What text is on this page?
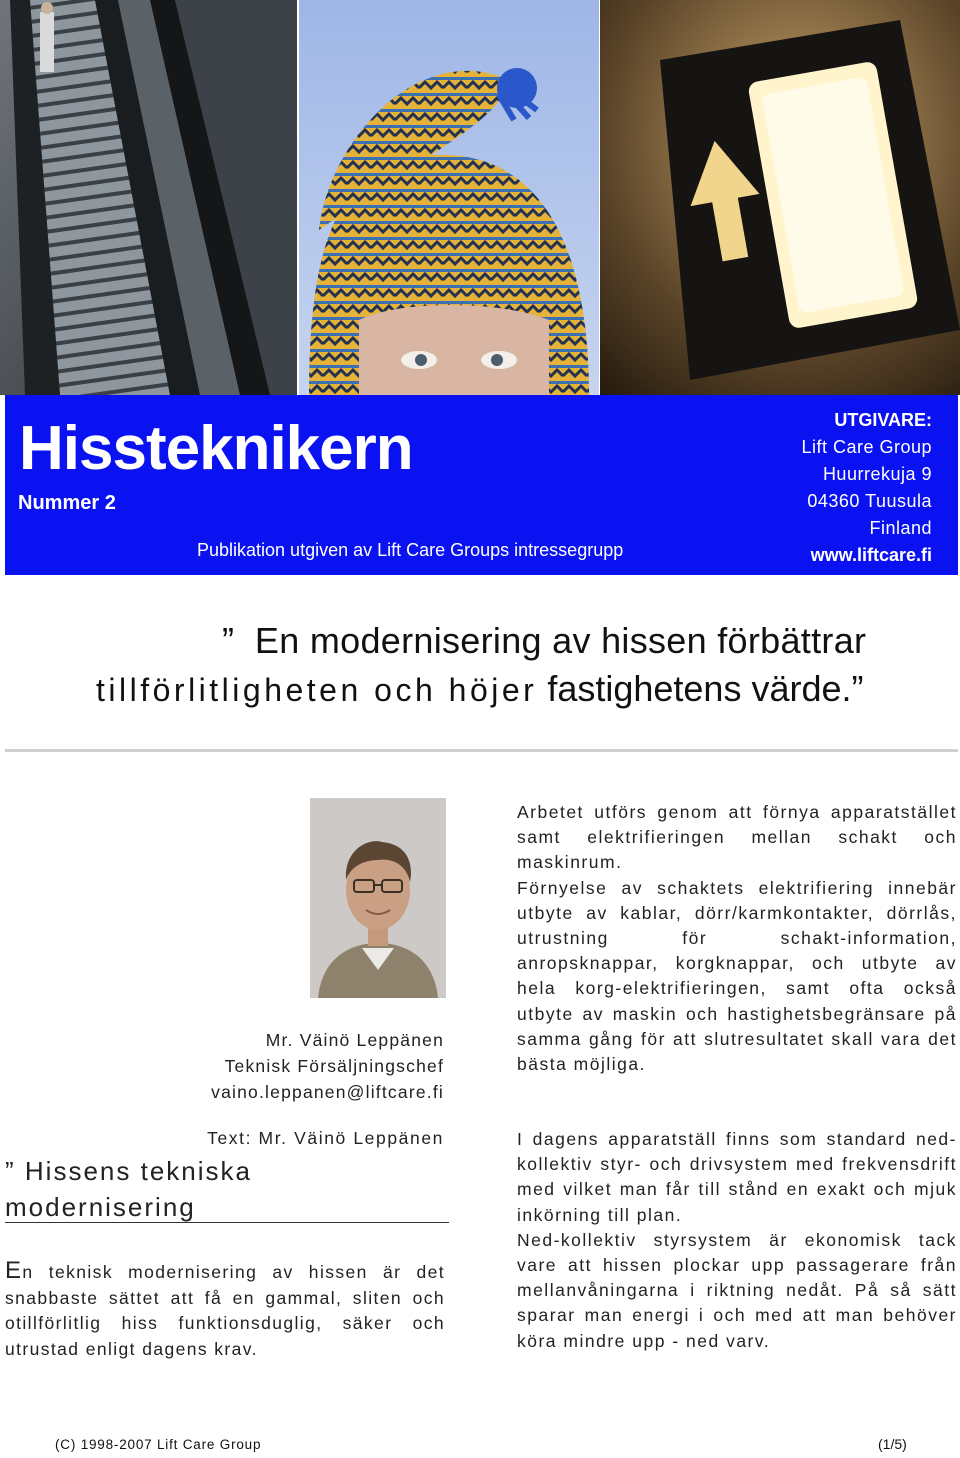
Hissteknikern
Nummer 2
Publikation utgiven av Lift Care Groups intressegrupp
UTGIVARE:
Lift Care Group
Huurrekuja 9
04360 Tuusula
Finland
www.liftcare.fi
” En modernisering av hissen förbättrar
tillförlitligheten och höjer fastighetens värde.”
Mr. Väinö Leppänen
Teknisk Försäljningschef
vaino.leppanen@liftcare.fi
Text: Mr. Väinö Leppänen
” Hissens tekniska modernisering
En teknisk modernisering av hissen är det snabbaste sättet att få en gammal, sliten och otillförlitlig hiss funktionsduglig, säker och utrustad enligt dagens krav.

Arbetet utförs genom att förnya apparatstället samt elektrifieringen mellan schakt och maskinrum.

Förnyelse av schaktets elektrifiering innebär utbyte av kablar, dörr/karmkontakter, dörrlås, utrustning för schakt-information, anropsknappar, korgknappar, och utbyte av hela korg-elektrifieringen, samt ofta också utbyte av maskin och hastighetsbegränsare på samma gång för att slutresultatet skall vara det bästa möjliga.

I dagens apparatställ finns som standard ned-kollektiv styr- och drivsystem med frekvensdrift med vilket man får till stånd en exakt och mjuk inkörning till plan.

Ned-kollektiv styrsystem är ekonomisk tack vare att hissen plockar upp passagerare från mellanvåningarna i riktning nedåt. På så sätt sparar man energi i och med att man behöver köra mindre upp - ned varv.

(C) 1998-2007 Lift Care Group	(1/5)
